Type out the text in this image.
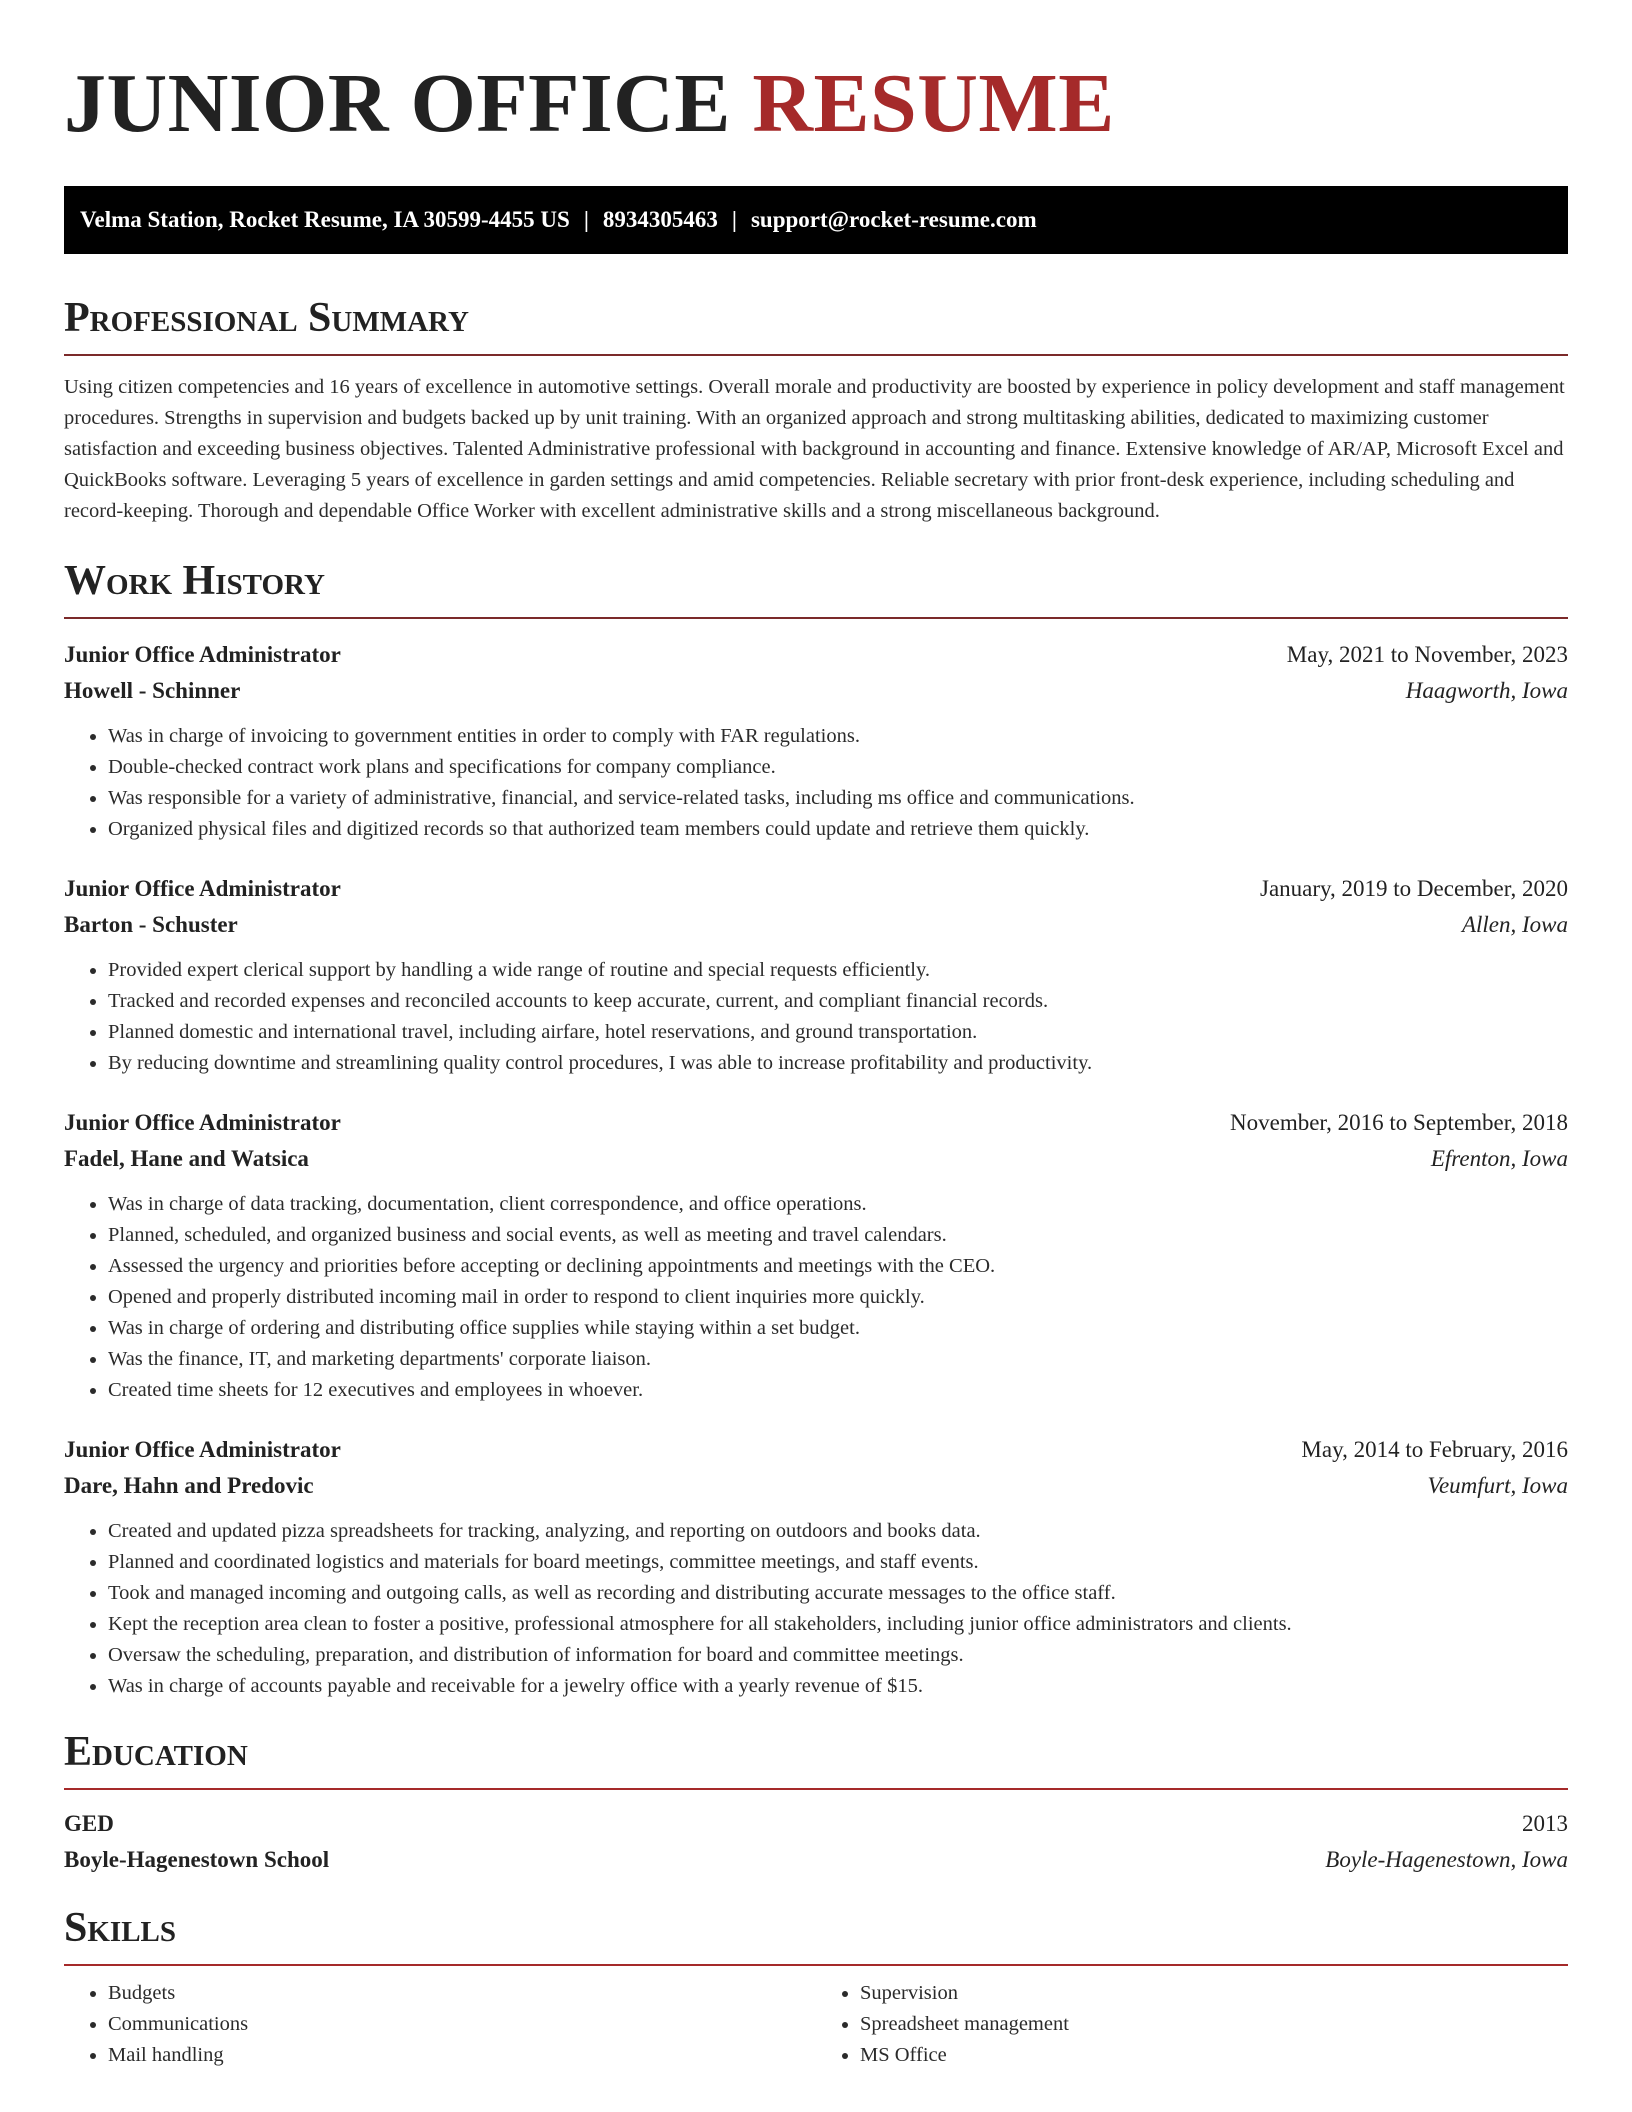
JUNIOR OFFICE RESUME
Velma Station, Rocket Resume, IA 30599-4455 US | 8934305463 | support@rocket-resume.com
Professional Summary

Using citizen competencies and 16 years of excellence in automotive settings. Overall morale and productivity are boosted by experience in policy development and staff management procedures. Strengths in supervision and budgets backed up by unit training. With an organized approach and strong multitasking abilities, dedicated to maximizing customer satisfaction and exceeding business objectives. Talented Administrative professional with background in accounting and finance. Extensive knowledge of AR/AP, Microsoft Excel and QuickBooks software. Leveraging 5 years of excellence in garden settings and amid competencies. Reliable secretary with prior front-desk experience, including scheduling and record-keeping. Thorough and dependable Office Worker with excellent administrative skills and a strong miscellaneous background.

Work History
Junior Office Administrator	May, 2021 to November, 2023
Howell - Schinner	Haagworth, Iowa
• Was in charge of invoicing to government entities in order to comply with FAR regulations.
• Double-checked contract work plans and specifications for company compliance.
• Was responsible for a variety of administrative, financial, and service-related tasks, including ms office and communications.
• Organized physical files and digitized records so that authorized team members could update and retrieve them quickly.
Junior Office Administrator	January, 2019 to December, 2020
Barton - Schuster	Allen, Iowa
• Provided expert clerical support by handling a wide range of routine and special requests efficiently.
• Tracked and recorded expenses and reconciled accounts to keep accurate, current, and compliant financial records.
• Planned domestic and international travel, including airfare, hotel reservations, and ground transportation.
• By reducing downtime and streamlining quality control procedures, I was able to increase profitability and productivity.
Junior Office Administrator	November, 2016 to September, 2018
Fadel, Hane and Watsica	Efrenton, Iowa
• Was in charge of data tracking, documentation, client correspondence, and office operations.
• Planned, scheduled, and organized business and social events, as well as meeting and travel calendars.
• Assessed the urgency and priorities before accepting or declining appointments and meetings with the CEO.
• Opened and properly distributed incoming mail in order to respond to client inquiries more quickly.
• Was in charge of ordering and distributing office supplies while staying within a set budget.
• Was the finance, IT, and marketing departments' corporate liaison.
• Created time sheets for 12 executives and employees in whoever.
Junior Office Administrator	May, 2014 to February, 2016
Dare, Hahn and Predovic	Veumfurt, Iowa
• Created and updated pizza spreadsheets for tracking, analyzing, and reporting on outdoors and books data.
• Planned and coordinated logistics and materials for board meetings, committee meetings, and staff events.
• Took and managed incoming and outgoing calls, as well as recording and distributing accurate messages to the office staff.
• Kept the reception area clean to foster a positive, professional atmosphere for all stakeholders, including junior office administrators and clients.
• Oversaw the scheduling, preparation, and distribution of information for board and committee meetings.
• Was in charge of accounts payable and receivable for a jewelry office with a yearly revenue of $15.
Education
GED	2013
Boyle-Hagenestown School	Boyle-Hagenestown, Iowa
Skills
• Budgets
• Communications
• Mail handling
• Supervision
• Spreadsheet management
• MS Office
